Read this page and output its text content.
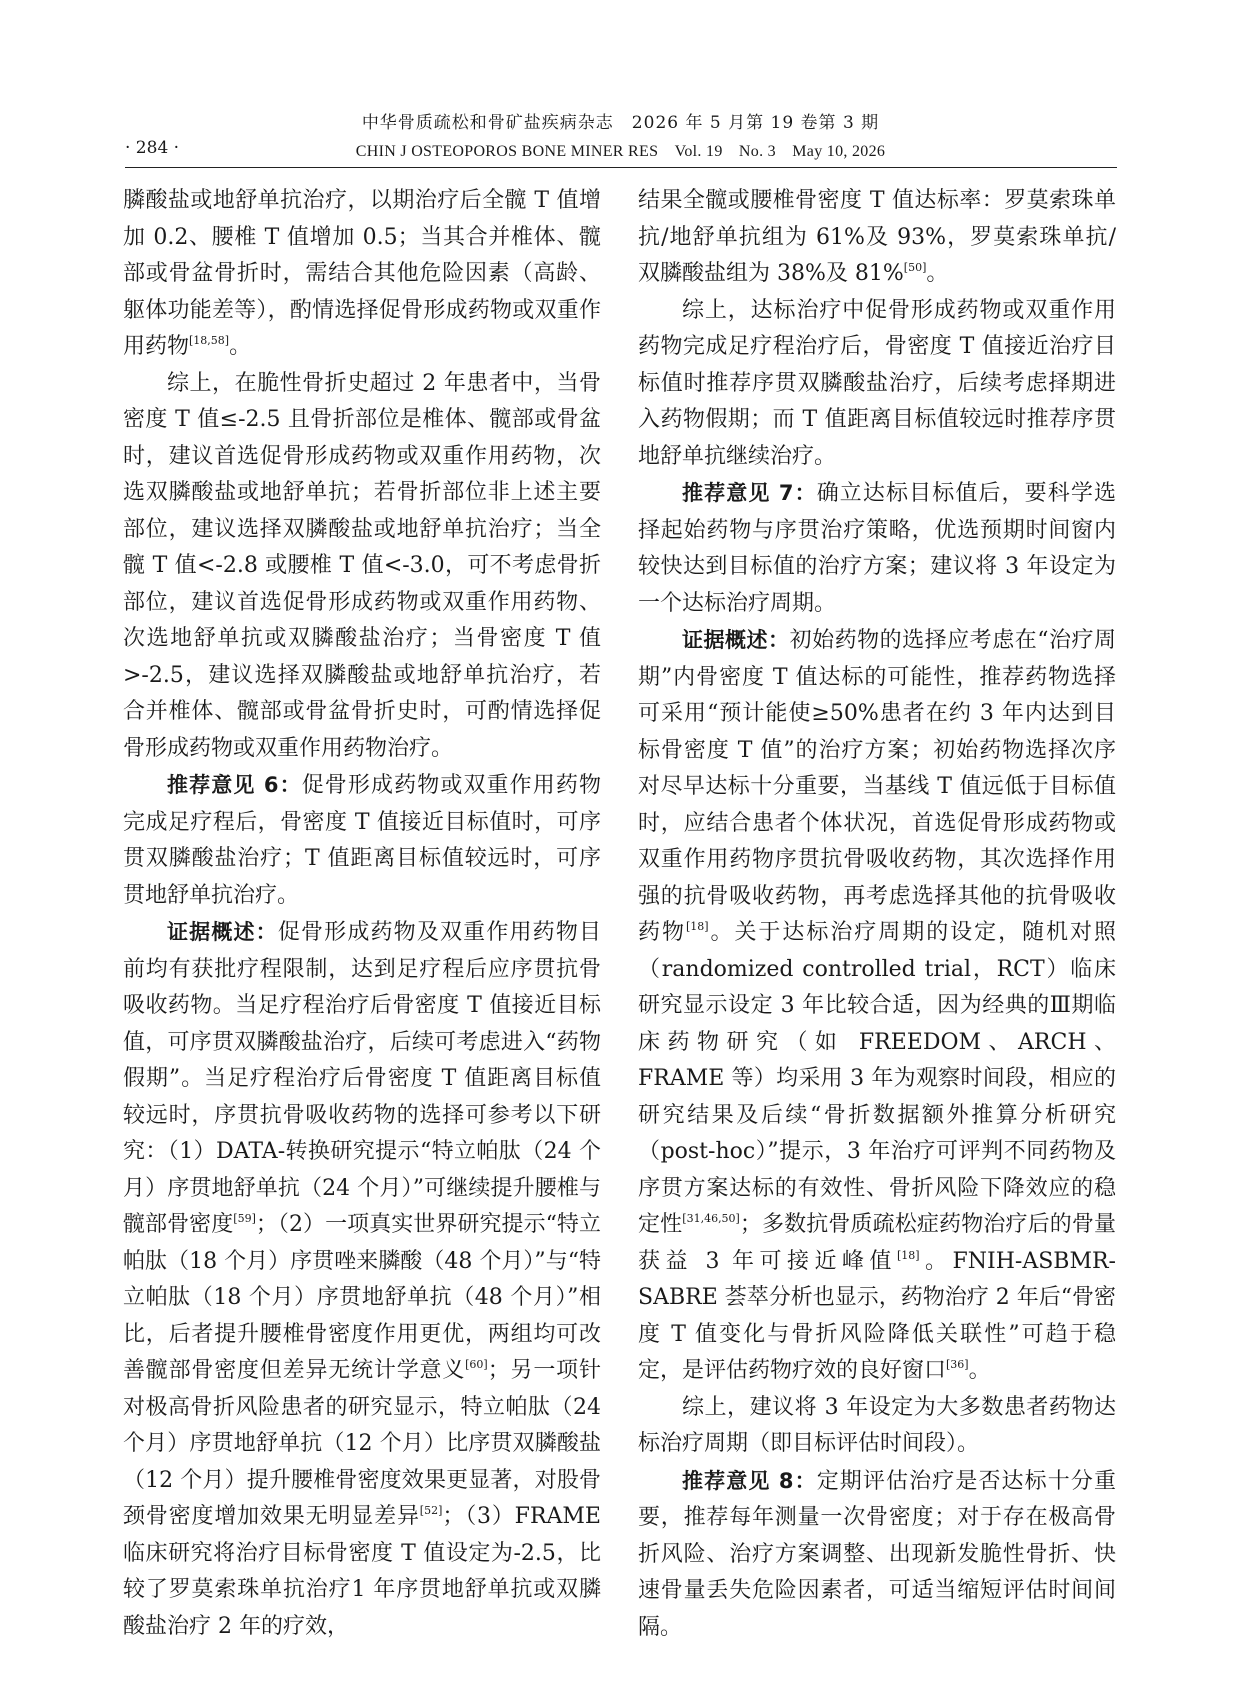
中华骨质疏松和骨矿盐疾病杂志　2026 年 5 月第 19 卷第 3 期
· 284 ·	CHIN J OSTEOPOROS BONE MINER RES　Vol. 19　No. 3　May 10, 2026

膦酸盐或地舒单抗治疗，以期治疗后全髋 T 值增加 0.2、腰椎 T 值增加 0.5；当其合并椎体、髋部或骨盆骨折时，需结合其他危险因素（高龄、躯体功能差等），酌情选择促骨形成药物或双重作用药物[18,58]。

综上，在脆性骨折史超过 2 年患者中，当骨密度 T 值≤-2.5 且骨折部位是椎体、髋部或骨盆时，建议首选促骨形成药物或双重作用药物，次选双膦酸盐或地舒单抗；若骨折部位非上述主要部位，建议选择双膦酸盐或地舒单抗治疗；当全髋 T 值<-2.8 或腰椎 T 值<-3.0，可不考虑骨折部位，建议首选促骨形成药物或双重作用药物、次选地舒单抗或双膦酸盐治疗；当骨密度 T 值>-2.5，建议选择双膦酸盐或地舒单抗治疗，若合并椎体、髋部或骨盆骨折史时，可酌情选择促骨形成药物或双重作用药物治疗。

推荐意见 6：促骨形成药物或双重作用药物完成足疗程后，骨密度 T 值接近目标值时，可序贯双膦酸盐治疗；T 值距离目标值较远时，可序贯地舒单抗治疗。

证据概述：促骨形成药物及双重作用药物目前均有获批疗程限制，达到足疗程后应序贯抗骨吸收药物。当足疗程治疗后骨密度 T 值接近目标值，可序贯双膦酸盐治疗，后续可考虑进入“药物假期”。当足疗程治疗后骨密度 T 值距离目标值较远时，序贯抗骨吸收药物的选择可参考以下研究：（1）DATA-转换研究提示“特立帕肽（24 个月）序贯地舒单抗（24 个月）”可继续提升腰椎与髋部骨密度[59]；（2）一项真实世界研究提示“特立帕肽（18 个月）序贯唑来膦酸（48 个月）”与“特立帕肽（18 个月）序贯地舒单抗（48 个月）”相比，后者提升腰椎骨密度作用更优，两组均可改善髋部骨密度但差异无统计学意义[60]；另一项针对极高骨折风险患者的研究显示，特立帕肽（24 个月）序贯地舒单抗（12 个月）比序贯双膦酸盐（12 个月）提升腰椎骨密度效果更显著，对股骨颈骨密度增加效果无明显差异[52]；（3）FRAME 临床研究将治疗目标骨密度 T 值设定为-2.5，比较了罗莫索珠单抗治疗1 年序贯地舒单抗或双膦酸盐治疗 2 年的疗效，

结果全髋或腰椎骨密度 T 值达标率：罗莫索珠单抗/地舒单抗组为 61%及 93%，罗莫索珠单抗/双膦酸盐组为 38%及 81%[50]。

综上，达标治疗中促骨形成药物或双重作用药物完成足疗程治疗后，骨密度 T 值接近治疗目标值时推荐序贯双膦酸盐治疗，后续考虑择期进入药物假期；而 T 值距离目标值较远时推荐序贯地舒单抗继续治疗。

推荐意见 7：确立达标目标值后，要科学选择起始药物与序贯治疗策略，优选预期时间窗内较快达到目标值的治疗方案；建议将 3 年设定为一个达标治疗周期。

证据概述：初始药物的选择应考虑在“治疗周期”内骨密度 T 值达标的可能性，推荐药物选择可采用“预计能使≥50%患者在约 3 年内达到目标骨密度 T 值”的治疗方案；初始药物选择次序对尽早达标十分重要，当基线 T 值远低于目标值时，应结合患者个体状况，首选促骨形成药物或双重作用药物序贯抗骨吸收药物，其次选择作用强的抗骨吸收药物，再考虑选择其他的抗骨吸收药物[18]。关于达标治疗周期的设定，随机对照（randomized controlled trial，RCT）临床研究显示设定 3 年比较合适，因为经典的Ⅲ期临床药物研究（如 FREEDOM、ARCH、FRAME 等）均采用 3 年为观察时间段，相应的研究结果及后续“骨折数据额外推算分析研究（post-hoc）”提示，3 年治疗可评判不同药物及序贯方案达标的有效性、骨折风险下降效应的稳定性[31,46,50]；多数抗骨质疏松症药物治疗后的骨量获益 3 年可接近峰值[18]。FNIH-ASBMR-SABRE 荟萃分析也显示，药物治疗 2 年后“骨密度 T 值变化与骨折风险降低关联性”可趋于稳定，是评估药物疗效的良好窗口[36]。

综上，建议将 3 年设定为大多数患者药物达标治疗周期（即目标评估时间段）。

推荐意见 8：定期评估治疗是否达标十分重要，推荐每年测量一次骨密度；对于存在极高骨折风险、治疗方案调整、出现新发脆性骨折、快速骨量丢失危险因素者，可适当缩短评估时间间隔。
